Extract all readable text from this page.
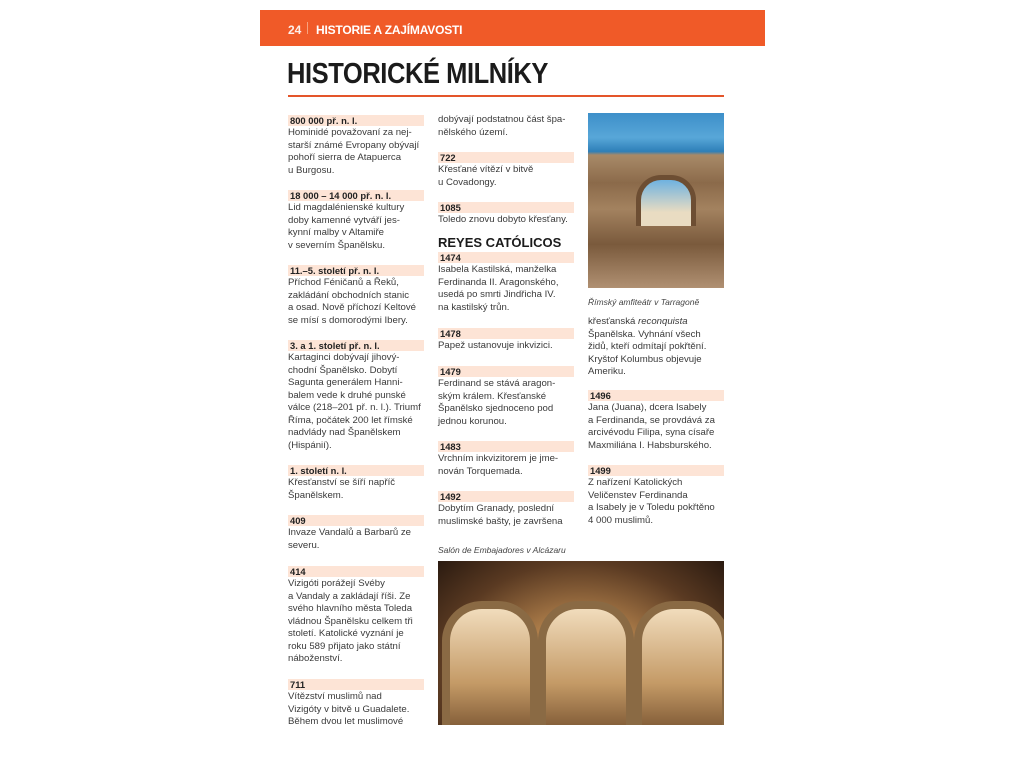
24 HISTORIE A ZAJÍMAVOSTI
HISTORICKÉ MILNÍKY
800 000 př. n. l.
Hominidé považovaní za nej-
starší známé Evropany obývají
pohoří sierra de Atapuerca
u Burgosu.
18 000 – 14 000 př. n. l.
Lid magdalénienské kultury
doby kamenné vytváří jes-
kynní malby v Altamiře
v severním Španělsku.
11.–5. století př. n. l.
Příchod Féničanů a Řeků,
zakládání obchodních stanic
a osad. Nově příchozí Keltové
se mísí s domorodými Ibery.
3. a 1. století př. n. l.
Kartaginci dobývají jihový-
chodní Španělsko. Dobytí
Sagunta generálem Hanni-
balem vede k druhé punské
válce (218–201 př. n. l.). Triumf
Říma, počátek 200 let římské
nadvlády nad Španělskem
(Hispánií).
1. století n. l.
Křesťanství se šíří napříč
Španělskem.
409
Invaze Vandalů a Barbarů ze
severu.
414
Vizigóti porážejí Svéby
a Vandaly a zakládají říši. Ze
svého hlavního města Toleda
vládnou Španělsku celkem tři
století. Katolické vyznání je
roku 589 přijato jako státní
náboženství.
711
Vítězství muslimů nad
Vizigóty v bitvě u Guadalete.
Během dvou let muslimové
dobývají podstatnou část špa-
nělského území.
722
Křesťané vítězí v bitvě
u Covadongy.
1085
Toledo znovu dobyto křesťany.
REYES CATÓLICOS
1474
Isabela Kastilská, manželka
Ferdinanda II. Aragonského,
usedá po smrti Jindřicha IV.
na kastilský trůn.
1478
Papež ustanovuje inkvizici.
1479
Ferdinand se stává aragon-
ským králem. Křesťanské
Španělsko sjednoceno pod
jednou korunou.
1483
Vrchním inkvizitorem je jme-
nován Torquemada.
1492
Dobytím Granady, poslední
muslimské bašty, je završena
Salón de Embajadores v Alcázaru
Římský amfiteátr v Tarragoně
křesťanská reconquista
Španělska. Vyhnání všech
židů, kteří odmítají pokřtění.
Kryštof Kolumbus objevuje
Ameriku.
1496
Jana (Juana), dcera Isabely
a Ferdinanda, se provdává za
arcivévodu Filipa, syna císaře
Maxmiliána I. Habsburského.
1499
Z nařízení Katolických
Veličenstev Ferdinanda
a Isabely je v Toledu pokřtěno
4 000 muslimů.
